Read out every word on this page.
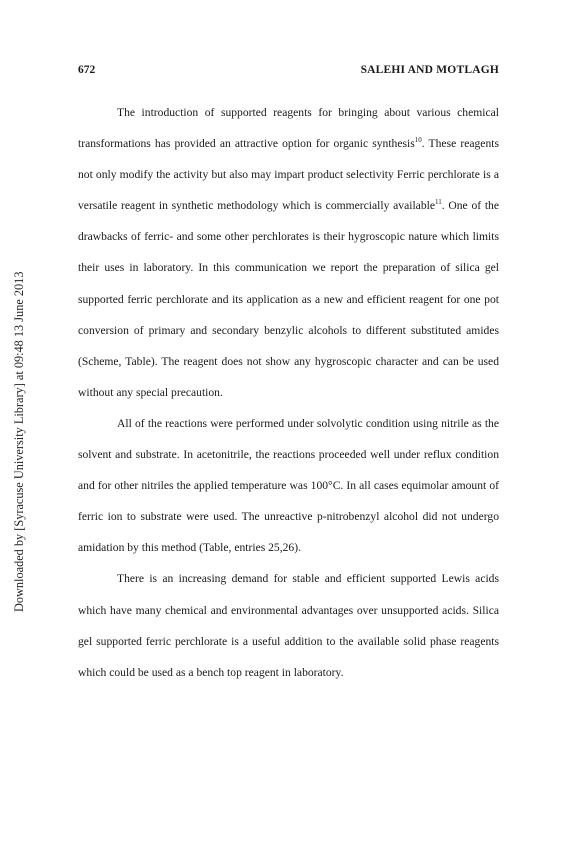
672	SALEHI AND MOTLAGH

The introduction of supported reagents for bringing about various chemical transformations has provided an attractive option for organic synthesis$^{10}$. These reagents not only modify the activity but also may impart product selectivity Ferric perchlorate is a versatile reagent in synthetic methodology which is commercially available$^{11}$. One of the drawbacks of ferric- and some other perchlorates is their hygroscopic nature which limits their uses in laboratory. In this communication we report the preparation of silica gel supported ferric perchlorate and its application as a new and efficient reagent for one pot conversion of primary and secondary benzylic alcohols to different substituted amides (Scheme, Table). The reagent does not show any hygroscopic character and can be used without any special precaution.

All of the reactions were performed under solvolytic condition using nitrile as the solvent and substrate. In acetonitrile, the reactions proceeded well under reflux condition and for other nitriles the applied temperature was 100°C. In all cases equimolar amount of ferric ion to substrate were used. The unreactive p-nitrobenzyl alcohol did not undergo amidation by this method (Table, entries 25,26).

There is an increasing demand for stable and efficient supported Lewis acids which have many chemical and environmental advantages over unsupported acids. Silica gel supported ferric perchlorate is a useful addition to the available solid phase reagents which could be used as a bench top reagent in laboratory.

Downloaded by [Syracuse University Library] at 09:48 13 June 2013
